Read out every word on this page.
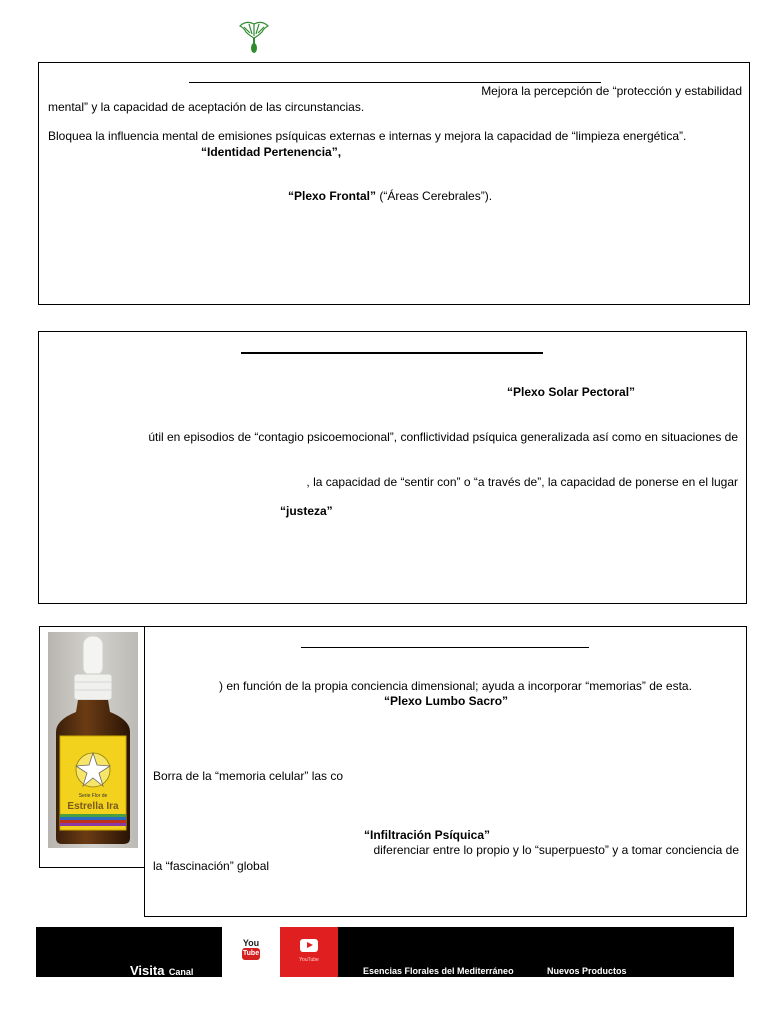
Mejora la percepción de “protección y estabilidad
mental” y la capacidad de aceptación de las circunstancias.
Bloquea la influencia mental de emisiones psíquicas externas e internas y mejora la capacidad de “limpieza energética”.
“Identidad Pertenencia”,
“Plexo Frontal” (“Áreas Cerebrales”).
“Plexo Solar Pectoral”
útil en episodios de “contagio psicoemocional”, conflictividad psíquica generalizada así como en situaciones de
, la capacidad de “sentir con” o “a través de”, la capacidad de ponerse en el lugar
“justeza”
Serie Flor de
Estrella Ira
) en función de la propia conciencia dimensional; ayuda a incorporar “memorias” de esta.
“Plexo Lumbo Sacro”
Borra de la “memoria celular” las co
“Infiltración Psíquica”
diferenciar entre lo propio y lo “superpuesto” y a tomar conciencia de
la “fascinación” global
Visita Canal
You
Tube
YouTube
Esencias Florales del Mediterráneo	Nuevos Productos
